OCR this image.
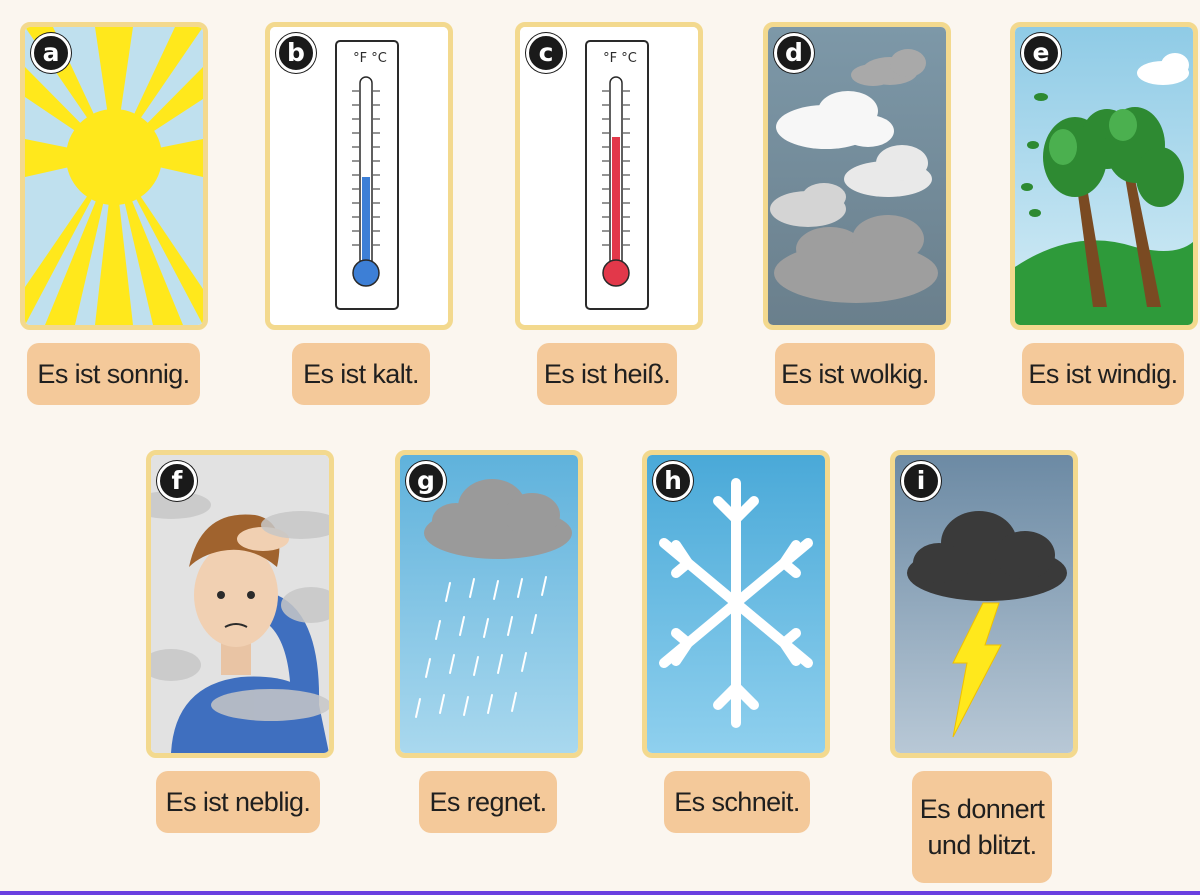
a
Es ist sonnig.
b	°F °C
Es ist kalt.
c	°F °C
Es ist heiß.
d
Es ist wolkig.
e
Es ist windig.
f
Es ist neblig.
g
Es regnet.
h
Es schneit.
i
Es donnert
und blitzt.
